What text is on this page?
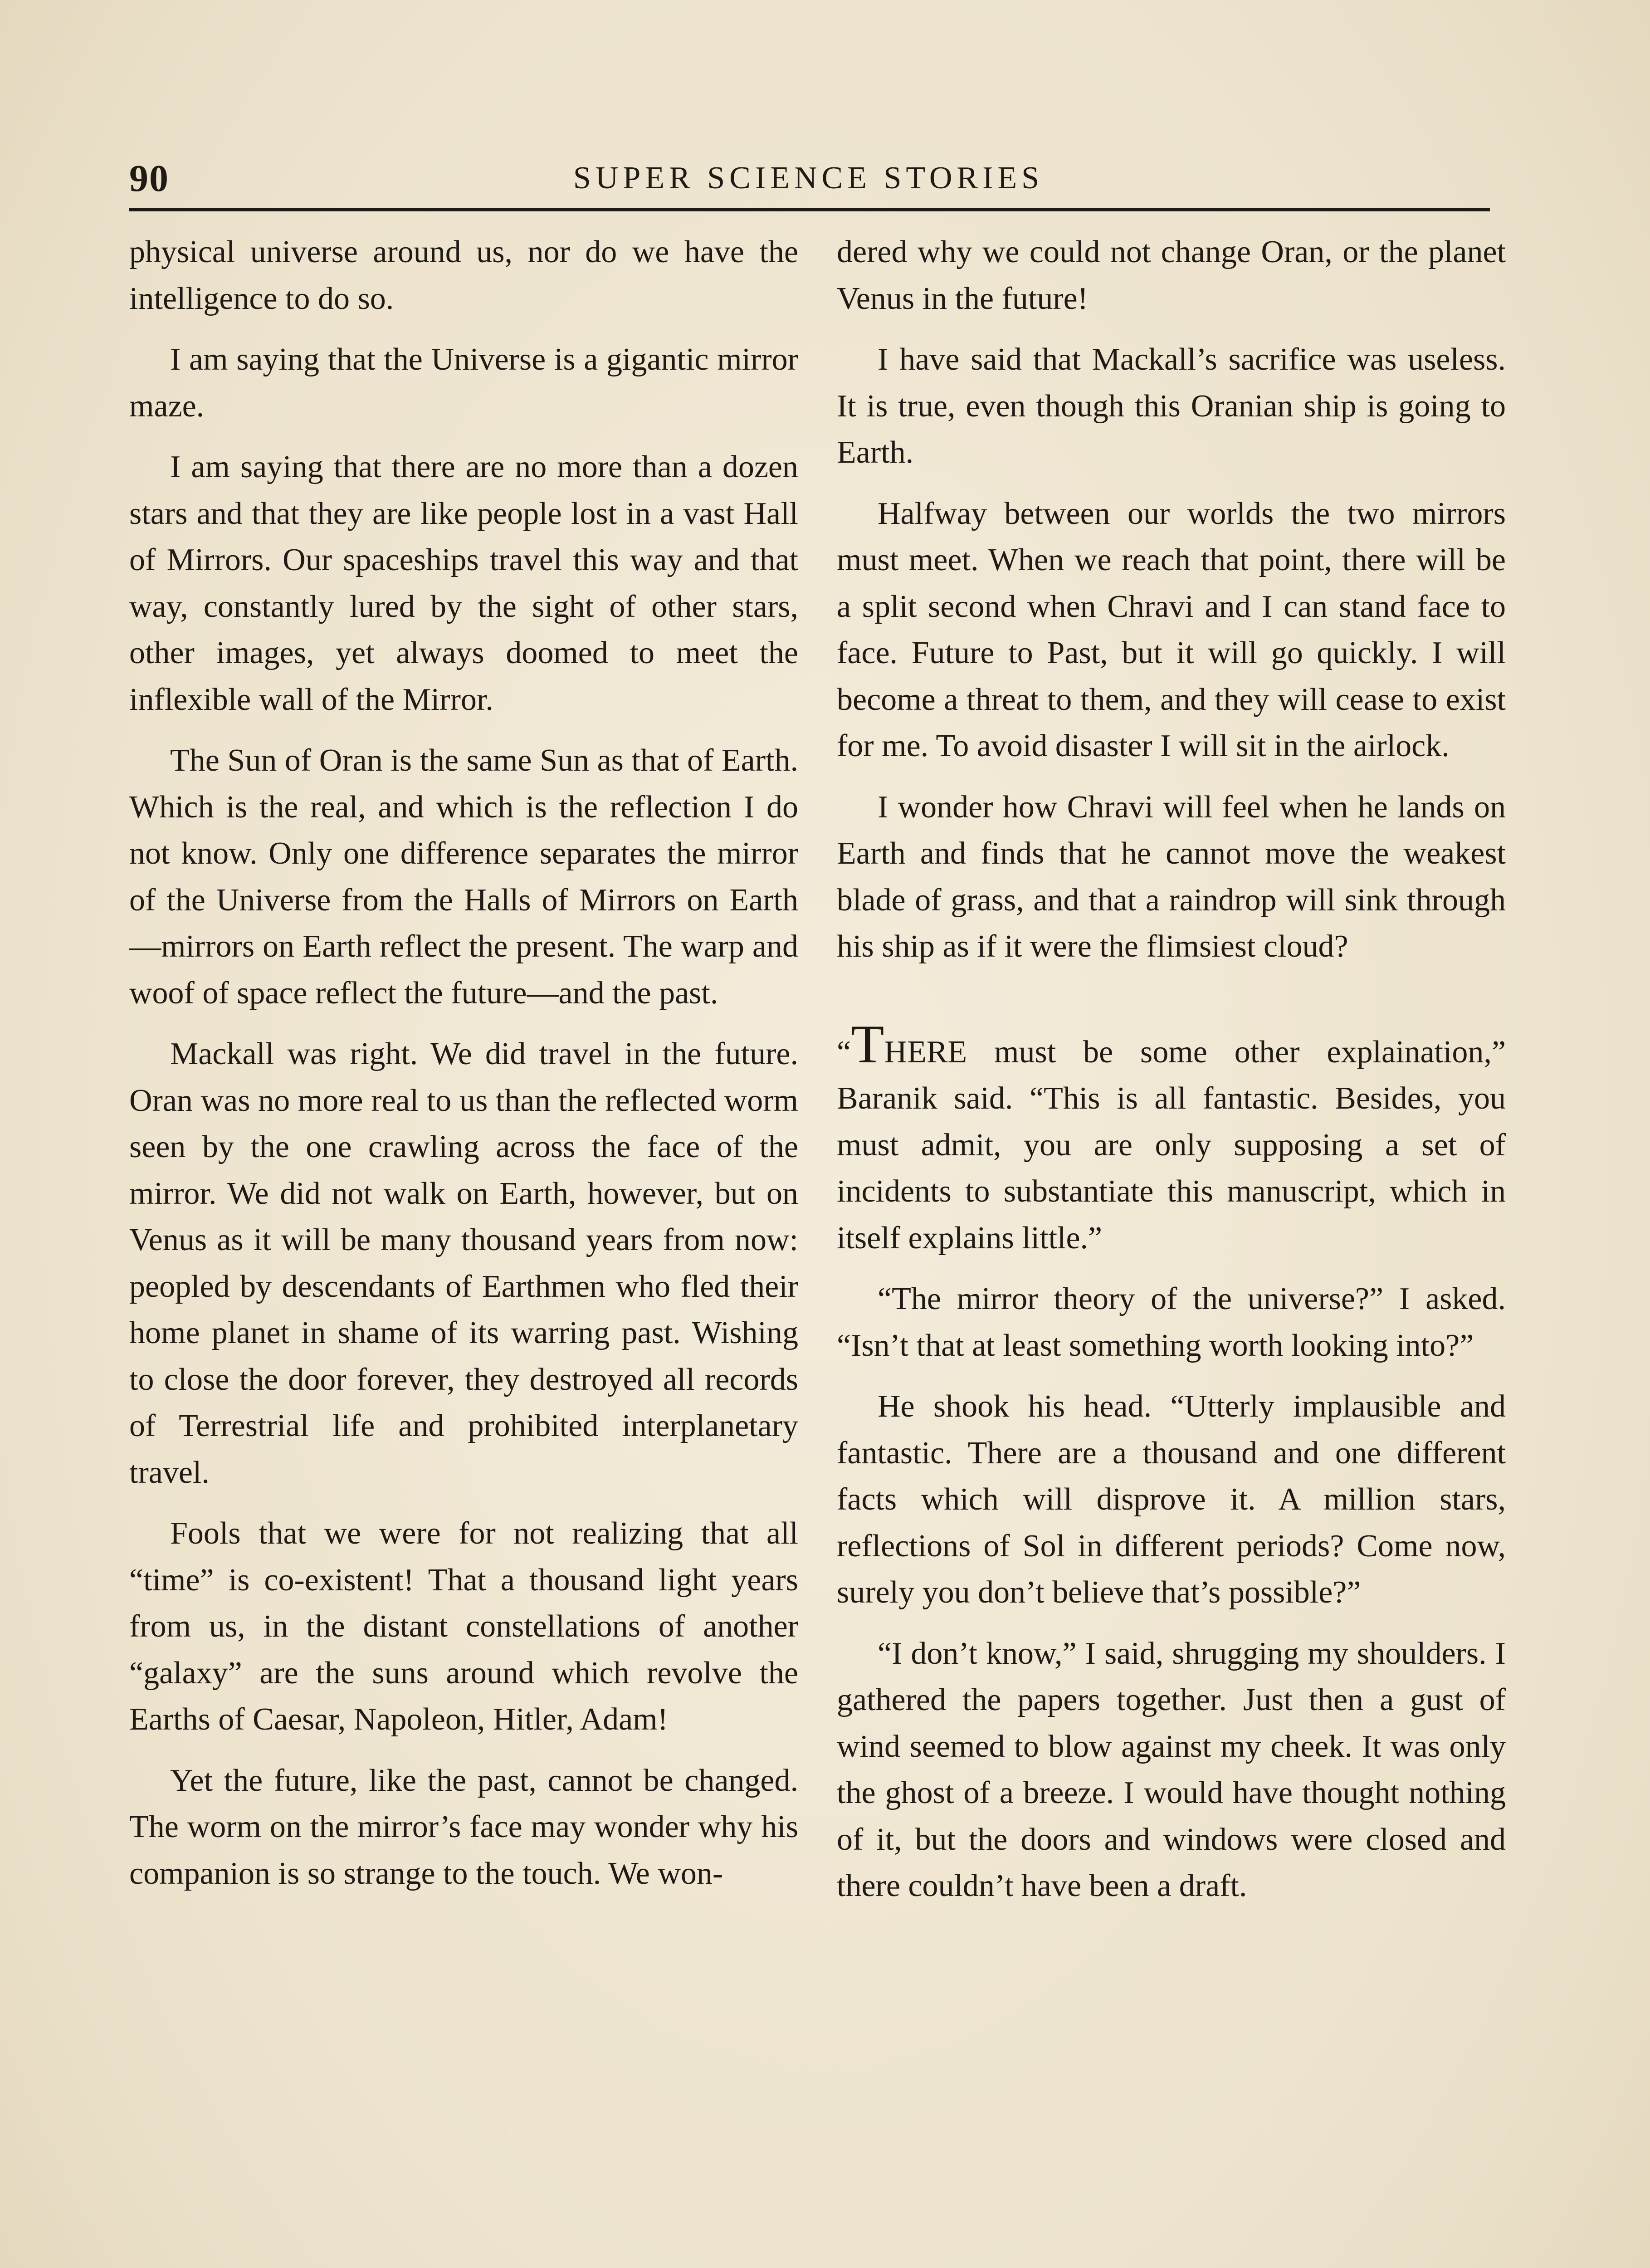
90	SUPER SCIENCE STORIES

physical universe around us, nor do we have the intelligence to do so.

I am saying that the Universe is a gigantic mirror maze.

I am saying that there are no more than a dozen stars and that they are like people lost in a vast Hall of Mirrors. Our spaceships travel this way and that way, constantly lured by the sight of other stars, other images, yet always doomed to meet the inflexible wall of the Mirror.

The Sun of Oran is the same Sun as that of Earth. Which is the real, and which is the reflection I do not know. Only one difference separates the mirror of the Universe from the Halls of Mirrors on Earth—mirrors on Earth reflect the present. The warp and woof of space reflect the future—and the past.

Mackall was right. We did travel in the future. Oran was no more real to us than the reflected worm seen by the one crawling across the face of the mirror. We did not walk on Earth, however, but on Venus as it will be many thousand years from now: peopled by descendants of Earthmen who fled their home planet in shame of its warring past. Wishing to close the door forever, they destroyed all records of Terrestrial life and prohibited interplanetary travel.

Fools that we were for not realizing that all “time” is co-existent! That a thousand light years from us, in the distant constellations of another “galaxy” are the suns around which revolve the Earths of Caesar, Napoleon, Hitler, Adam!

Yet the future, like the past, cannot be changed. The worm on the mirror’s face may wonder why his companion is so strange to the touch. We won-

dered why we could not change Oran, or the planet Venus in the future!

I have said that Mackall’s sacrifice was useless. It is true, even though this Oranian ship is going to Earth.

Halfway between our worlds the two mirrors must meet. When we reach that point, there will be a split second when Chravi and I can stand face to face. Future to Past, but it will go quickly. I will become a threat to them, and they will cease to exist for me. To avoid disaster I will sit in the airlock.

I wonder how Chravi will feel when he lands on Earth and finds that he cannot move the weakest blade of grass, and that a raindrop will sink through his ship as if it were the flimsiest cloud?

“THERE must be some other explaination,” Baranik said. “This is all fantastic. Besides, you must admit, you are only supposing a set of incidents to substantiate this manuscript, which in itself explains little.”

“The mirror theory of the universe?” I asked. “Isn’t that at least something worth looking into?”

He shook his head. “Utterly implausible and fantastic. There are a thousand and one different facts which will disprove it. A million stars, reflections of Sol in different periods? Come now, surely you don’t believe that’s possible?”

“I don’t know,” I said, shrugging my shoulders. I gathered the papers together. Just then a gust of wind seemed to blow against my cheek. It was only the ghost of a breeze. I would have thought nothing of it, but the doors and windows were closed and there couldn’t have been a draft.
